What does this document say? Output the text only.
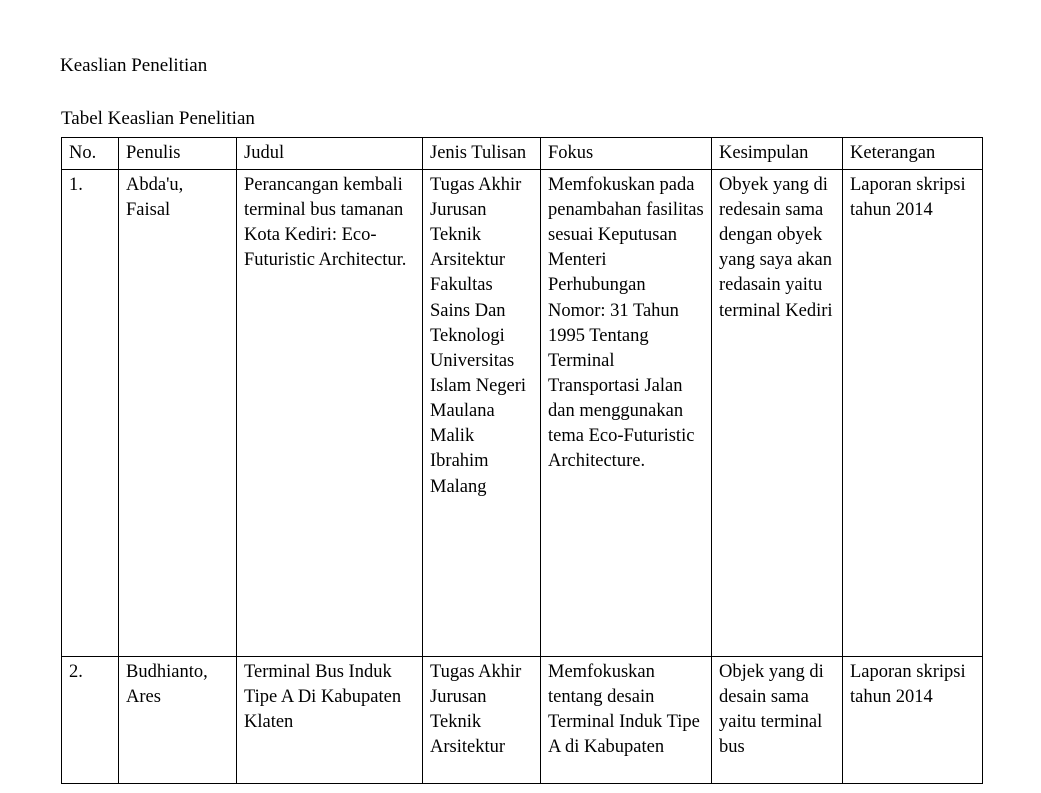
Keaslian Penelitian
Tabel Keaslian Penelitian
No.	Penulis	Judul	Jenis Tulisan	Fokus	Kesimpulan	Keterangan
1.	Abda'u, Faisal	Perancangan kembali terminal bus tamanan Kota Kediri: Eco-Futuristic Architectur.	Tugas Akhir Jurusan Teknik Arsitektur Fakultas Sains Dan Teknologi Universitas Islam Negeri Maulana Malik Ibrahim Malang	Memfokuskan pada penambahan fasilitas sesuai Keputusan Menteri Perhubungan Nomor: 31 Tahun 1995 Tentang Terminal Transportasi Jalan dan menggunakan tema Eco-Futuristic Architecture.	Obyek yang di redesain sama dengan obyek yang saya akan redasain yaitu terminal Kediri	Laporan skripsi tahun 2014
2.	Budhianto, Ares	Terminal Bus Induk Tipe A Di Kabupaten Klaten	Tugas Akhir Jurusan Teknik Arsitektur	Memfokuskan tentang desain Terminal Induk Tipe A di Kabupaten	Objek yang di desain sama yaitu terminal bus	Laporan skripsi tahun 2014
